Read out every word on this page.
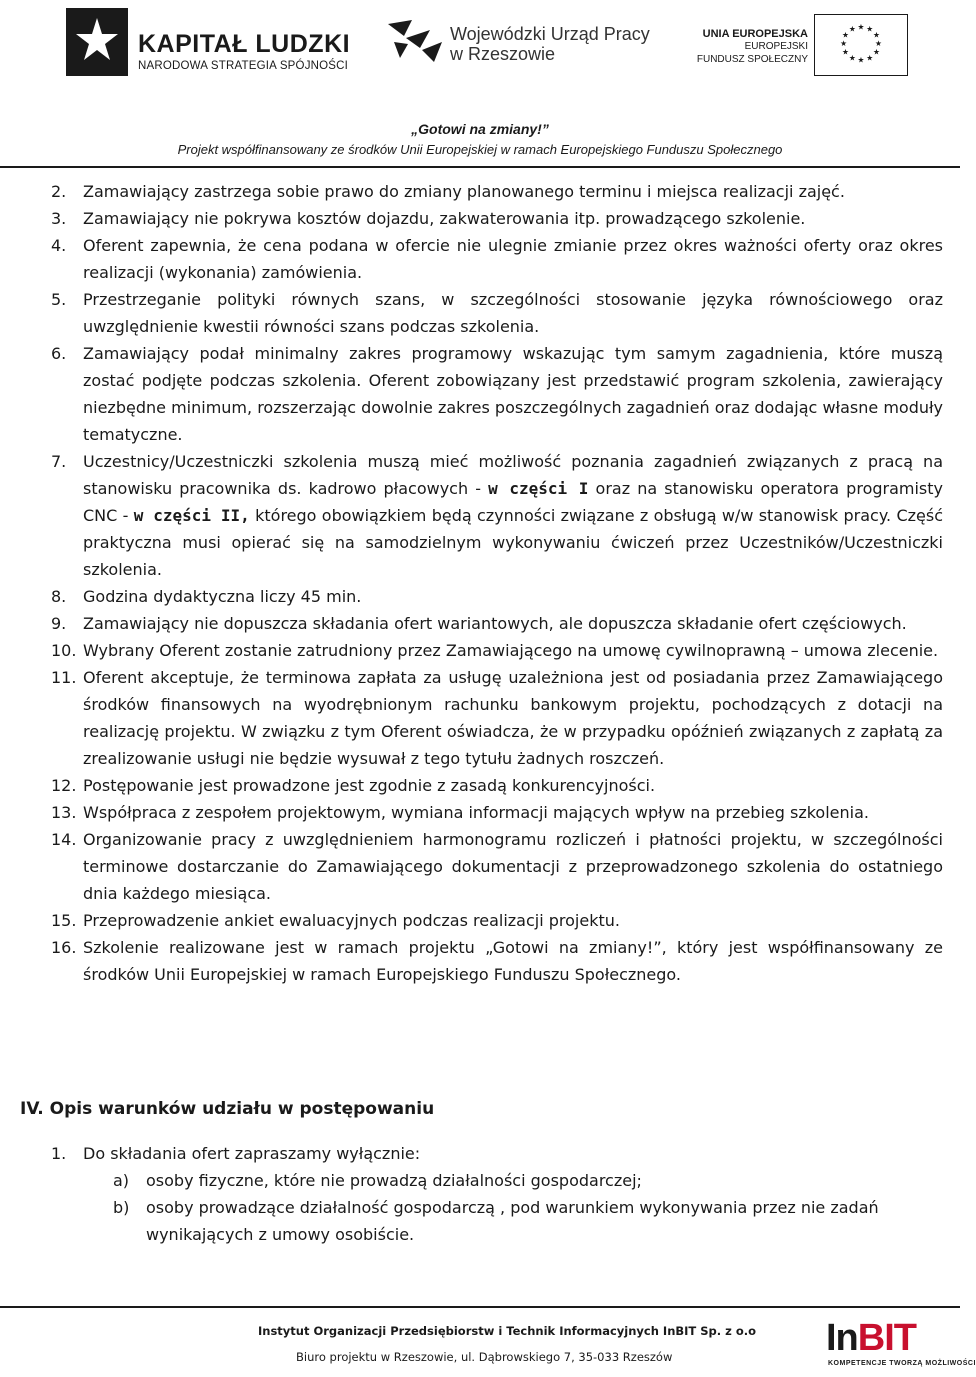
KAPITAŁ LUDZKI
NARODOWA STRATEGIA SPÓJNOŚCI
Wojewódzki Urząd Pracy
w Rzeszowie
UNIA EUROPEJSKA
EUROPEJSKI
FUNDUSZ SPOŁECZNY
★ ★
★
★
★
★
★
★
★
★
★
★
„Gotowi na zmiany!”
Projekt współfinansowany ze środków Unii Europejskiej w ramach Europejskiego Funduszu Społecznego
2. Zamawiający zastrzega sobie prawo do zmiany planowanego terminu i miejsca realizacji zajęć.
3. Zamawiający nie pokrywa kosztów dojazdu, zakwaterowania itp. prowadzącego szkolenie.
4. Oferent zapewnia, że cena podana w ofercie nie ulegnie zmianie przez okres ważności oferty oraz okres realizacji (wykonania) zamówienia.
5. Przestrzeganie polityki równych szans, w szczególności stosowanie języka równościowego oraz uwzględnienie kwestii równości szans podczas szkolenia.
6. Zamawiający podał minimalny zakres programowy wskazując tym samym zagadnienia, które muszą zostać podjęte podczas szkolenia. Oferent zobowiązany jest przedstawić program szkolenia, zawierający niezbędne minimum, rozszerzając dowolnie zakres poszczególnych zagadnień oraz dodając własne moduły tematyczne.
7. Uczestnicy/Uczestniczki szkolenia muszą mieć możliwość poznania zagadnień związanych z pracą na stanowisku pracownika ds. kadrowo płacowych - w części I oraz na stanowisku operatora programisty CNC - w części II, którego obowiązkiem będą czynności związane z obsługą w/w stanowisk pracy. Część praktyczna musi opierać się na samodzielnym wykonywaniu ćwiczeń przez Uczestników/Uczestniczki szkolenia.
8. Godzina dydaktyczna liczy 45 min.
9. Zamawiający nie dopuszcza składania ofert wariantowych, ale dopuszcza składanie ofert częściowych.
10. Wybrany Oferent zostanie zatrudniony przez Zamawiającego na umowę cywilnoprawną – umowa zlecenie.
11. Oferent akceptuje, że terminowa zapłata za usługę uzależniona jest od posiadania przez Zamawiającego środków finansowych na wyodrębnionym rachunku bankowym projektu, pochodzących z dotacji na realizację projektu. W związku z tym Oferent oświadcza, że w przypadku opóźnień związanych z zapłatą za zrealizowanie usługi nie będzie wysuwał z tego tytułu żadnych roszczeń.
12. Postępowanie jest prowadzone jest zgodnie z zasadą konkurencyjności.
13. Współpraca z zespołem projektowym, wymiana informacji mających wpływ na przebieg szkolenia.
14. Organizowanie pracy z uwzględnieniem harmonogramu rozliczeń i płatności projektu, w szczególności terminowe dostarczanie do Zamawiającego dokumentacji z przeprowadzonego szkolenia do ostatniego dnia każdego miesiąca.
15. Przeprowadzenie ankiet ewaluacyjnych podczas realizacji projektu.
16. Szkolenie realizowane jest w ramach projektu „Gotowi na zmiany!”, który jest współfinansowany ze środków Unii Europejskiej w ramach Europejskiego Funduszu Społecznego.
IV. Opis warunków udziału w postępowaniu
1. Do składania ofert zapraszamy wyłącznie:
a) osoby fizyczne, które nie prowadzą działalności gospodarczej;
b) osoby prowadzące działalność gospodarczą , pod warunkiem wykonywania przez nie zadań wynikających z umowy osobiście.
Instytut Organizacji Przedsiębiorstw i Technik Informacyjnych InBIT Sp. z o.o
Biuro projektu w Rzeszowie, ul. Dąbrowskiego 7, 35-033 Rzeszów	InBIT
KOMPETENCJE TWORZĄ MOŻLIWOŚCI
